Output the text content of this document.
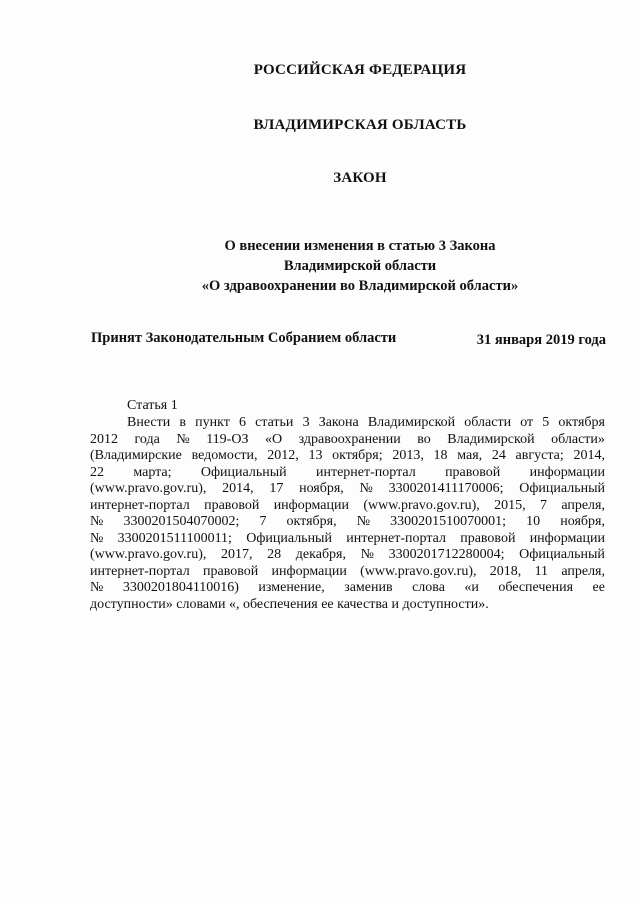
РОССИЙСКАЯ ФЕДЕРАЦИЯ
ВЛАДИМИРСКАЯ ОБЛАСТЬ
ЗАКОН
О внесении изменения в статью 3 Закона
Владимирской области
«О здравоохранении во Владимирской области»
Принят Законодательным Собранием области	31 января 2019 года
Статья 1
Внести в пункт 6 статьи 3 Закона Владимирской области от 5 октября
2012 года № 119-ОЗ «О здравоохранении во Владимирской области»
(Владимирские ведомости, 2012, 13 октября; 2013, 18 мая, 24 августа; 2014,
22 марта; Официальный интернет-портал правовой информации
(www.pravo.gov.ru), 2014, 17 ноября, № 3300201411170006; Официальный
интернет-портал правовой информации (www.pravo.gov.ru), 2015, 7 апреля,
№ 3300201504070002; 7 октября, № 3300201510070001; 10 ноября,
№ 3300201511100011; Официальный интернет-портал правовой информации
(www.pravo.gov.ru), 2017, 28 декабря, № 3300201712280004; Официальный
интернет-портал правовой информации (www.pravo.gov.ru), 2018, 11 апреля,
№ 3300201804110016) изменение, заменив слова «и обеспечения ее
доступности» словами «, обеспечения ее качества и доступности».
